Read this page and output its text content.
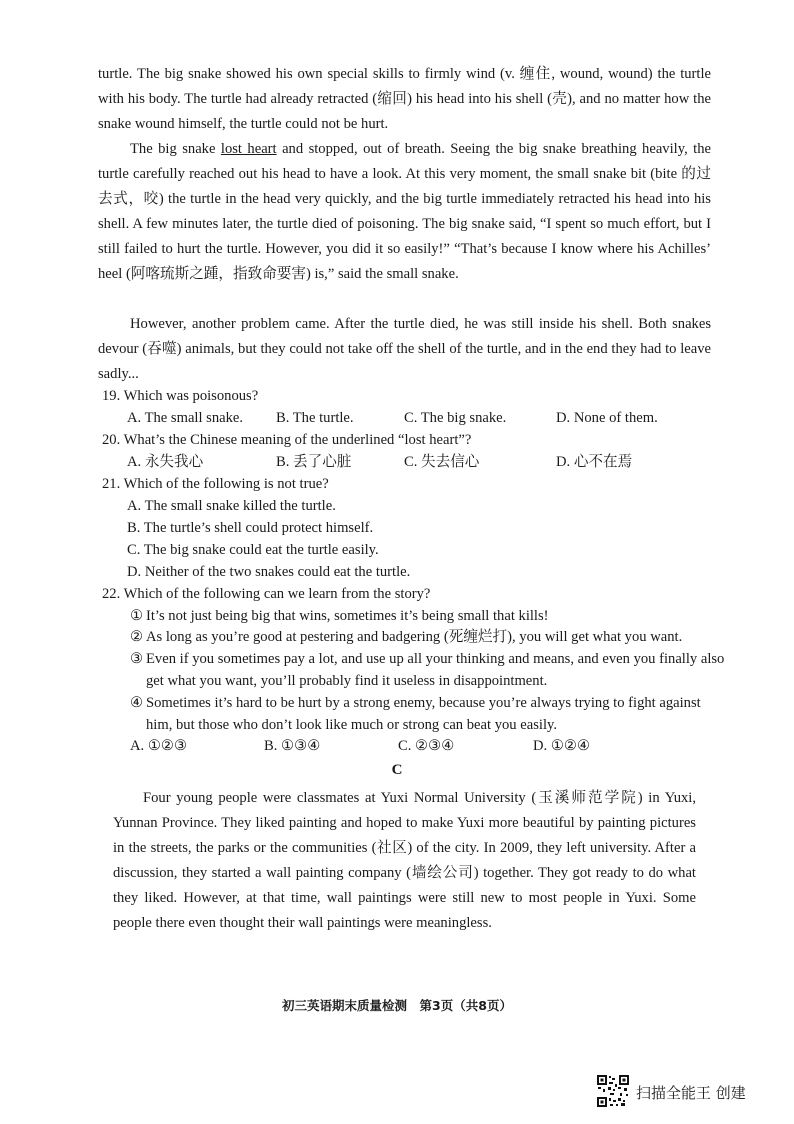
turtle. The big snake showed his own special skills to firmly wind (v. 缠住, wound, wound) the turtle with his body. The turtle had already retracted (缩回) his head into his shell (壳), and no matter how the snake wound himself, the turtle could not be hurt.

The big snake lost heart and stopped, out of breath. Seeing the big snake breathing heavily, the turtle carefully reached out his head to have a look. At this very moment, the small snake bit (bite 的过去式，咬) the turtle in the head very quickly, and the big turtle immediately retracted his head into his shell. A few minutes later, the turtle died of poisoning. The big snake said, “I spent so much effort, but I still failed to hurt the turtle. However, you did it so easily!” “That’s because I know where his Achilles’ heel (阿喀琉斯之踵，指致命要害) is,” said the small snake.

However, another problem came. After the turtle died, he was still inside his shell. Both snakes devour (吞噬) animals, but they could not take off the shell of the turtle, and in the end they had to leave sadly...

19. Which was poisonous?
A. The small snake. B. The turtle.	C. The big snake.	D. None of them.
20. What’s the Chinese meaning of the underlined “lost heart”?
A. 永失我心	B. 丢了心脏	C. 失去信心	D. 心不在焉
21. Which of the following is not true?
A. The small snake killed the turtle.
B. The turtle’s shell could protect himself.
C. The big snake could eat the turtle easily.
D. Neither of the two snakes could eat the turtle.
22. Which of the following can we learn from the story?
① It’s not just being big that wins, sometimes it’s being small that kills!
② As long as you’re good at pestering and badgering (死缠烂打), you will get what you want.
③ Even if you sometimes pay a lot, and use up all your thinking and means, and even you finally also get what you want, you’ll probably find it useless in disappointment.
④ Sometimes it’s hard to be hurt by a strong enemy, because you’re always trying to fight against him, but those who don’t look like much or strong can beat you easily.
A. ①②③	B. ①③④	C. ②③④	D. ①②④
C

Four young people were classmates at Yuxi Normal University (玉溪师范学院) in Yuxi, Yunnan Province. They liked painting and hoped to make Yuxi more beautiful by painting pictures in the streets, the parks or the communities (社区) of the city. In 2009, they left university. After a discussion, they started a wall painting company (墙绘公司) together. They got ready to do what they liked. However, at that time, wall paintings were still new to most people in Yuxi. Some people there even thought their wall paintings were meaningless.

初三英语期末质量检测　第3页（共8页）
扫描全能王 创建
